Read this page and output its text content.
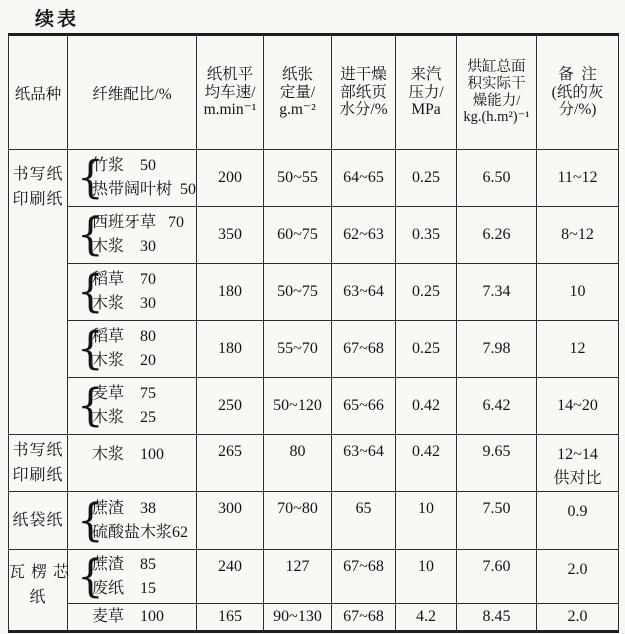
续表
纸品种	纤维配比/%	纸机平
均车速/
m.min⁻¹	纸张
定量/
g.m⁻²	进干燥
部纸页
水分/%	来汽
压力/
MPa	烘缸总面
积实际干
燥能力/
kg.(h.m²)⁻¹	备  注
(纸的灰
分/%)

书写纸
印刷纸	{
竹浆    50
热带阔叶树  50	200	50~55	64~65	0.25	6.50	11~12

	{
西班牙草   70
木浆    30	350	60~75	62~63	0.35	6.26	8~12

	{
稻草    70
木浆    30	180	50~75	63~64	0.25	7.34	10

	{
稻草    80
木浆    20	180	55~70	67~68	0.25	7.98	12

	{
麦草    75
木浆    25	250	50~120	65~66	0.42	6.42	14~20

书写纸
印刷纸	木浆    100	265	80	63~64	0.42	9.65	12~14
供对比

纸袋纸	{
蔗渣    38
硫酸盐木浆62	300	70~80	65	10	7.50	0.9

瓦 楞 芯
纸	{
蔗渣    85
废纸    15	240	127	67~68	10	7.60	2.0

	麦草    100	165	90~130	67~68	4.2	8.45	2.0
